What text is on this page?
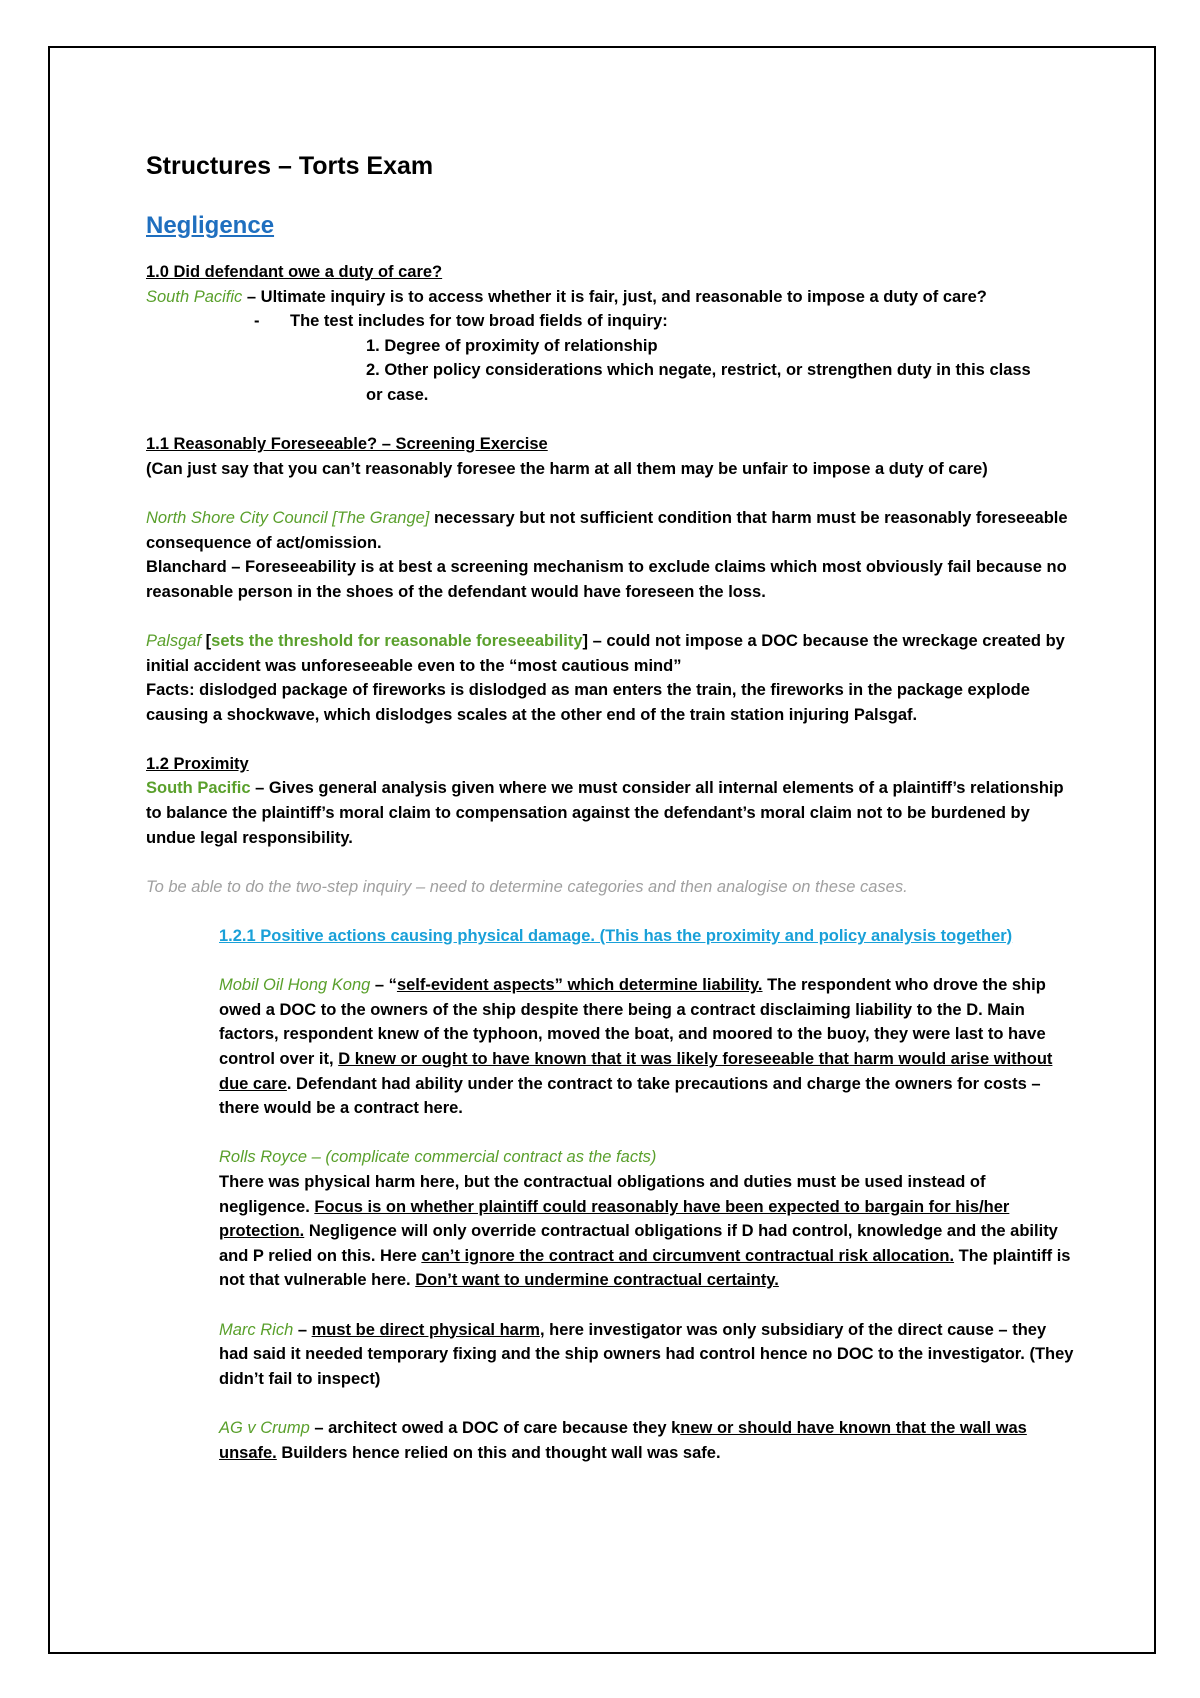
Structures – Torts Exam
Negligence

1.0 Did defendant owe a duty of care?

South Pacific – Ultimate inquiry is to access whether it is fair, just, and reasonable to impose a duty of care?

-	The test includes for tow broad fields of inquiry:

1. Degree of proximity of relationship

2. Other policy considerations which negate, restrict, or strengthen duty in this class

or case.

1.1 Reasonably Foreseeable? – Screening Exercise

(Can just say that you can’t reasonably foresee the harm at all them may be unfair to impose a duty of care)

North Shore City Council [The Grange] necessary but not sufficient condition that harm must be reasonably foreseeable consequence of act/omission.

Blanchard – Foreseeability is at best a screening mechanism to exclude claims which most obviously fail because no reasonable person in the shoes of the defendant would have foreseen the loss.

Palsgaf [sets the threshold for reasonable foreseeability] – could not impose a DOC because the wreckage created by initial accident was unforeseeable even to the “most cautious mind”

Facts: dislodged package of fireworks is dislodged as man enters the train, the fireworks in the package explode causing a shockwave, which dislodges scales at the other end of the train station injuring Palsgaf.

1.2 Proximity

South Pacific – Gives general analysis given where we must consider all internal elements of a plaintiff’s relationship to balance the plaintiff’s moral claim to compensation against the defendant’s moral claim not to be burdened by undue legal responsibility.

To be able to do the two-step inquiry – need to determine categories and then analogise on these cases.

1.2.1 Positive actions causing physical damage. (This has the proximity and policy analysis together)

Mobil Oil Hong Kong – “self-evident aspects” which determine liability. The respondent who drove the ship owed a DOC to the owners of the ship despite there being a contract disclaiming liability to the D. Main factors, respondent knew of the typhoon, moved the boat, and moored to the buoy, they were last to have control over it, D knew or ought to have known that it was likely foreseeable that harm would arise without due care. Defendant had ability under the contract to take precautions and charge the owners for costs – there would be a contract here.

Rolls Royce – (complicate commercial contract as the facts)

There was physical harm here, but the contractual obligations and duties must be used instead of negligence. Focus is on whether plaintiff could reasonably have been expected to bargain for his/her protection. Negligence will only override contractual obligations if D had control, knowledge and the ability and P relied on this. Here can’t ignore the contract and circumvent contractual risk allocation. The plaintiff is not that vulnerable here. Don’t want to undermine contractual certainty.

Marc Rich – must be direct physical harm, here investigator was only subsidiary of the direct cause – they had said it needed temporary fixing and the ship owners had control hence no DOC to the investigator. (They didn’t fail to inspect)

AG v Crump – architect owed a DOC of care because they knew or should have known that the wall was unsafe. Builders hence relied on this and thought wall was safe.
